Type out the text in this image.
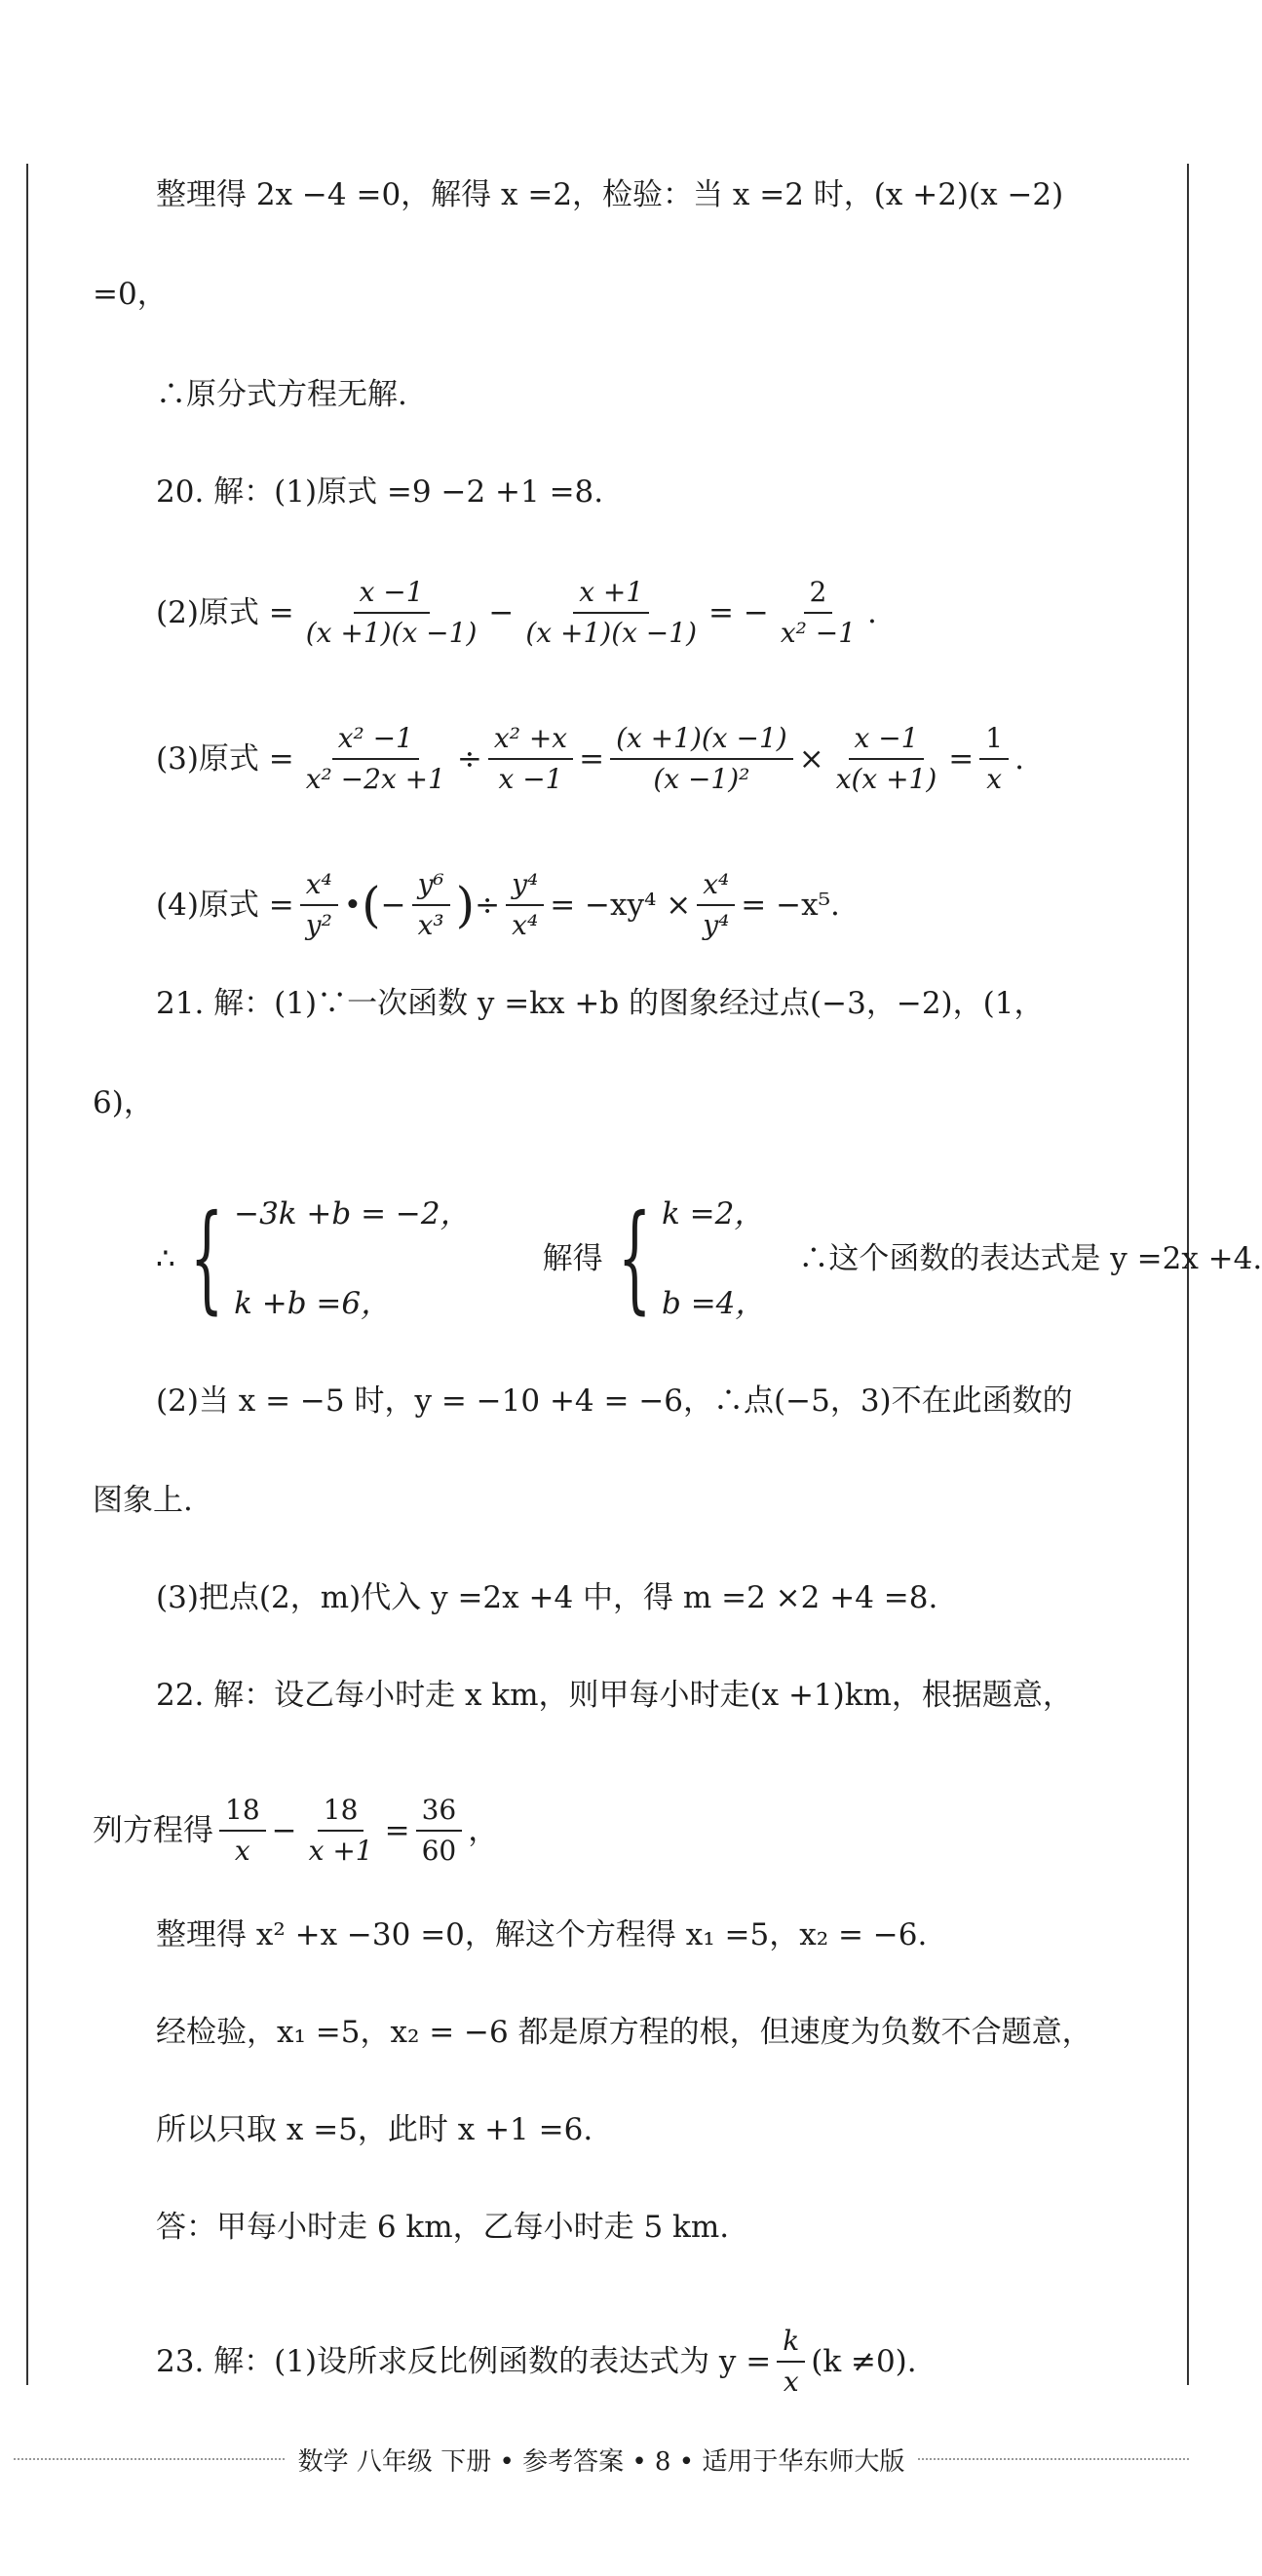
整理得 2x −4 =0，解得 x =2，检验：当 x =2 时，(x +2)(x −2)
=0，
∴原分式方程无解.
20. 解：(1)原式 =9 −2 +1 =8.
(2)原式 = $\frac{x -1}{(x +1)(x -1)} - \frac{x +1}{(x +1)(x -1)}$ = − $\frac{2}{\text{x² −1}}$ .
(3)原式 = $\frac{\text{x² −1}}{\text{x² −2x +1}} \div \frac{\text{x² +x}}{x -1} = \frac{(x +1)(x -1)}{\text{(x −1)²}} \times \frac{x -1}{x(x +1)} = \frac{1}{x}$ .
(4)原式 = $\frac{\text{x⁴}}{\text{y²}}$ • ( − $\frac{\text{y⁶}}{\text{x³}}$ ) ÷ $\frac{\text{y⁴}}{\text{x⁴}} = -xy^4 \times \frac{\text{x⁴}}{\text{y⁴}} = -x^5$.
21. 解：(1)∵一次函数 y =kx +b 的图象经过点(−3，−2)，(1，
6)，
∴ { −3k +b = −2，
k +b =6，
解得 { k =2，
b =4，
∴这个函数的表达式是 y =2x +4.
(2)当 x = −5 时，y = −10 +4 = −6，∴点(−5，3)不在此函数的
图象上.
(3)把点(2，m)代入 y =2x +4 中，得 m =2 ×2 +4 =8.
22. 解：设乙每小时走 x km，则甲每小时走(x +1)km，根据题意，
列方程得 $\frac{18}{x} - \frac{18}{x +1} = \frac{36}{60}$ ，
整理得 x² +x −30 =0，解这个方程得 x₁ =5，x₂ = −6.
经检验，x₁ =5，x₂ = −6 都是原方程的根，但速度为负数不合题意，
所以只取 x =5，此时 x +1 =6.
答：甲每小时走 6 km，乙每小时走 5 km.
23. 解：(1)设所求反比例函数的表达式为 $y = \frac{k}{x} (k \ne 0)$.
数学 八年级 下册 • 参考答案 • 8 • 适用于华东师大版
